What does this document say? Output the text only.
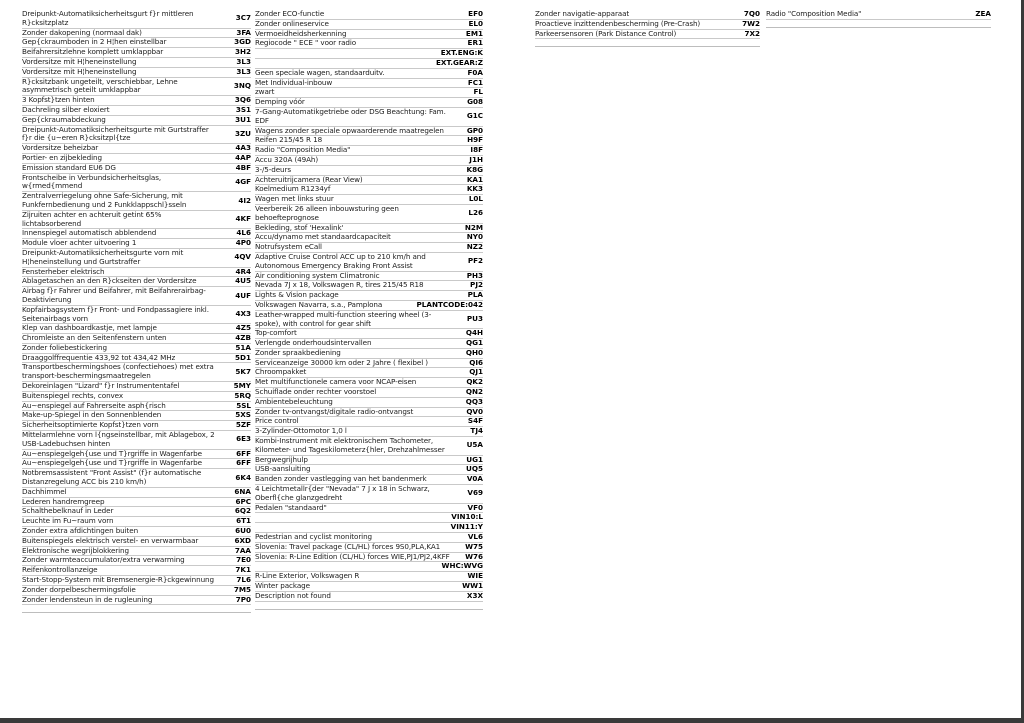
Dreipunkt-Automatiksicherheitsgurt f}r mittleren R}cksitzplatz	3C7
Zonder dakopening (normaal dak)	3FA
Gep{ckraumboden in 2 H¦hen einstellbar	3GD
Beifahrersitzlehne komplett umklappbar	3H2
Vordersitze mit H¦heneinstellung	3L3
Vordersitze mit H¦heneinstellung	3L3
R}cksitzbank ungeteilt, verschiebbar, Lehne asymmetrisch geteilt umklappbar	3NQ
3 Kopfst}tzen hinten	3Q6
Dachreling silber eloxiert	3S1
Gep{ckraumabdeckung	3U1
Dreipunkt-Automatiksicherheitsgurte mit Gurtstraffer f}r die {u~eren R}cksitzpl{tze	3ZU
Vordersitze beheizbar	4A3
Portier- en zijbekleding	4AP
Emission standard EU6 DG	4BF
Frontscheibe in Verbundsicherheitsglas, w{rmed{mmend	4GF
Zentralverriegelung ohne Safe-Sicherung, mit Funkfernbedienung und 2 Funkklappschl}sseln	4I2
Zijruiten achter en achteruit getint 65% lichtabsorberend	4KF
Innenspiegel automatisch abblendend	4L6
Module vloer achter uitvoering 1	4P0
Dreipunkt-Automatiksicherheitsgurte vorn mit H¦heneinstellung und Gurtstraffer	4QV
Fensterheber elektrisch	4R4
Ablagetaschen an den R}ckseiten der Vordersitze	4U5
Airbag f}r Fahrer und Beifahrer, mit Beifahrerairbag-Deaktivierung	4UF
Kopfairbagsystem f}r Front- und Fondpassagiere inkl. Seitenairbags vorn	4X3
Klep van dashboardkastje, met lampje	4Z5
Chromleiste an den Seitenfenstern unten	4ZB
Zonder foliebestickering	51A
Draaggolffrequentie 433,92 tot 434,42 MHz	5D1
Transportbeschermingshoes (confectiehoes) met extra transport-beschermingsmaatregelen	5K7
Dekoreinlagen "Lizard" f}r Instrumententafel	5MY
Buitenspiegel rechts, convex	5RQ
Au~enspiegel auf Fahrerseite asph{risch	5SL
Make-up-Spiegel in den Sonnenblenden	5XS
Sicherheitsoptimierte Kopfst}tzen vorn	5ZF
Mittelarmlehne vorn l{ngseinstellbar, mit Ablagebox, 2 USB-Ladebuchsen hinten	6E3
Au~enspiegelgeh{use und T}rgriffe in Wagenfarbe	6FF
Au~enspiegelgeh{use und T}rgriffe in Wagenfarbe	6FF
Notbremsassistent "Front Assist" (f}r automatische Distanzregelung ACC bis 210 km/h)	6K4
Dachhimmel	6NA
Lederen handremgreep	6PC
Schalthebelknauf in Leder	6Q2
Leuchte im Fu~raum vorn	6T1
Zonder extra afdichtingen buiten	6U0
Buitenspiegels elektrisch verstel- en verwarmbaar	6XD
Elektronische wegrijblokkering	7AA
Zonder warmteaccumulator/extra verwarming	7E0
Reifenkontrollanzeige	7K1
Start-Stopp-System mit Bremsenergie-R}ckgewinnung	7L6
Zonder dorpelbeschermingsfolie	7M5
Zonder lendensteun in de rugleuning	7P0
Zonder ECO-functie	EF0
Zonder onlineservice	EL0
Vermoeidheidsherkenning	EM1
Regiocode " ECE " voor radio	ER1
EXT.ENG:K
EXT.GEAR:Z
Geen speciale wagen, standaarduitv.	F0A
Met Individual-inbouw	FC1
zwart	FL
Demping vóór	G08
7-Gang-Automatikgetriebe oder DSG Beachtung: Fam. EDF	G1C
Wagens zonder speciale opwaarderende maatregelen	GP0
Reifen 215/45 R 18	H9F
Radio "Composition Media"	I8F
Accu 320A (49Ah)	J1H
3-/5-deurs	K8G
Achteruitrijcamera (Rear View)	KA1
Koelmedium R1234yf	KK3
Wagen met links stuur	L0L
Veerbereik 26 alleen inbouwsturing geen behoefteprognose	L26
Bekleding, stof 'Hexalink'	N2M
Accu/dynamo met standaardcapaciteit	NY0
Notrufsystem eCall	NZ2
Adaptive Cruise Control ACC up to 210 km/h and Autonomous Emergency Braking Front Assist	PF2
Air conditioning system Climatronic	PH3
Nevada 7J x 18, Volkswagen R, tires 215/45 R18	PJ2
Lights & Vision package	PLA
Volkswagen Navarra, s.a., Pamplona	PLANTCODE:042
Leather-wrapped multi-function steering wheel (3-spoke), with control for gear shift	PU3
Top-comfort	Q4H
Verlengde onderhoudsintervallen	QG1
Zonder spraakbediening	QH0
Serviceanzeige 30000 km oder 2 Jahre ( flexibel )	QI6
Chroompakket	QJ1
Met multifunctionele camera voor NCAP-eisen	QK2
Schuiflade onder rechter voorstoel	QN2
Ambientebeleuchtung	QQ3
Zonder tv-ontvangst/digitale radio-ontvangst	QV0
Price control	S4F
3-Zylinder-Ottomotor 1,0 l	TJ4
Kombi-Instrument mit elektronischem Tachometer, Kilometer- und Tageskilometerz{hler, Drehzahlmesser	U5A
Bergwegrijhulp	UG1
USB-aansluiting	UQ5
Banden zonder vastlegging van het bandenmerk	V0A
4 Leichtmetallr{der "Nevada" 7 J x 18 in Schwarz, Oberfl{che glanzgedreht	V69
Pedalen "standaard"	VF0
VIN10:L
VIN11:Y
Pedestrian and cyclist monitoring	VL6
Slovenia: Travel package (CL/HL) forces 9S0,PLA,KA1	W75
Slovenia: R-Line Edition (CL/HL) forces WIE,PJ1/PJ2,4KFF	W76
WHC:WVG
R-Line Exterior, Volkswagen R	WIE
Winter package	WW1
Description not found	X3X
Zonder navigatie-apparaat	7Q0
Proactieve inzittendenbescherming (Pre-Crash)	7W2
Parkeersensoren (Park Distance Control)	7X2
Radio "Composition Media"	ZEA
